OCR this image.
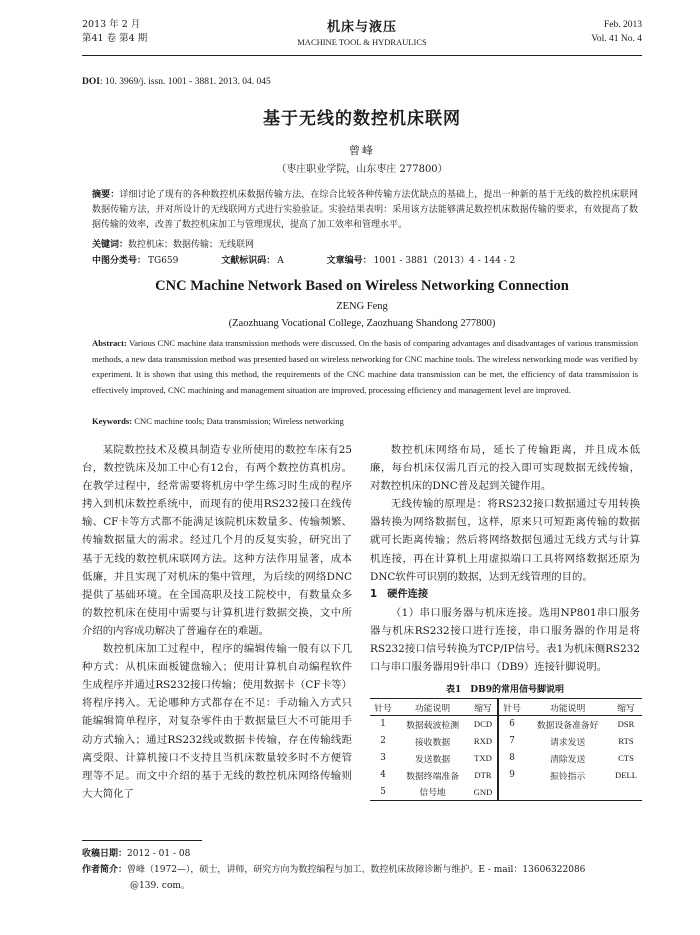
2013 年 2 月
第41 卷 第4 期
机床与液压
MACHINE TOOL & HYDRAULICS
Feb. 2013
Vol. 41 No. 4
DOI: 10. 3969/j. issn. 1001 - 3881. 2013. 04. 045
基于无线的数控机床联网
曾峰
（枣庄职业学院，山东枣庄 277800）
摘要：详细讨论了现有的各种数控机床数据传输方法，在综合比较各种传输方法优缺点的基础上，提出一种新的基于无线的数控机床联网数据传输方法，并对所设计的无线联网方式进行实验验证。实验结果表明：采用该方法能够满足数控机床数据传输的要求，有效提高了数据传输的效率，改善了数控机床加工与管理现状，提高了加工效率和管理水平。
关键词：数控机床；数据传输；无线联网
中图分类号： TG659	文献标识码： A	文章编号： 1001 - 3881（2013）4 - 144 - 2
CNC Machine Network Based on Wireless Networking Connection
ZENG Feng
(Zaozhuang Vocational College, Zaozhuang Shandong 277800)
Abstract: Various CNC machine data transmission methods were discussed. On the basis of comparing advantages and disadvantages of various transmission methods, a new data transmission method was presented based on wireless networking for CNC machine tools. The wireless networking mode was verified by experiment. It is shown that using this method, the requirements of the CNC machine data transmission can be met, the efficiency of data transmission is effectively improved, CNC machining and management situation are improved, processing efficiency and management level are improved.
Keywords: CNC machine tools; Data transmission; Wireless networking

某院数控技术及模具制造专业所使用的数控车床有25台，数控铣床及加工中心有12台，有两个数控仿真机房。在教学过程中，经常需要将机房中学生练习时生成的程序拷入到机床数控系统中，而现有的使用RS232接口在线传输、CF卡等方式都不能满足该院机床数量多、传输频繁、传输数据量大的需求。经过几个月的反复实验，研究出了基于无线的数控机床联网方法。这种方法作用显著，成本低廉，并且实现了对机床的集中管理，为后续的网络DNC提供了基础环境。在全国高职及技工院校中，有数量众多的数控机床在使用中需要与计算机进行数据交换，文中所介绍的内容成功解决了普遍存在的难题。

数控机床加工过程中，程序的编辑传输一般有以下几种方式：从机床面板键盘输入；使用计算机自动编程软件生成程序并通过RS232接口传输；使用数据卡（CF卡等）将程序拷入。无论哪种方式都存在不足：手动输入方式只能编辑简单程序，对复杂零件由于数据量巨大不可能用手动方式输入；通过RS232线或数据卡传输，存在传输线距离受限、计算机接口不支持且当机床数量较多时不方便管理等不足。而文中介绍的基于无线的数控机床网络传输则大大简化了

数控机床网络布局，延长了传输距离，并且成本低廉，每台机床仅需几百元的投入即可实现数据无线传输，对数控机床的DNC普及起到关键作用。

无线传输的原理是：将RS232接口数据通过专用转换器转换为网络数据包，这样，原来只可短距离传输的数据就可长距离传输；然后将网络数据包通过无线方式与计算机连接，再在计算机上用虚拟端口工具将网络数据还原为DNC软件可识别的数据，达到无线管理的目的。

1　硬件连接

（1）串口服务器与机床连接。选用NP801串口服务器与机床RS232接口进行连接，串口服务器的作用是将RS232接口信号转换为TCP/IP信号。表1为机床侧RS232口与串口服务器用9针串口（DB9）连接针脚说明。

表1　DB9的常用信号脚说明
针号	功能说明	缩写	针号	功能说明	缩写
1	数据载波检测	DCD	6	数据设备准备好	DSR
2	接收数据	RXD	7	请求发送	RTS
3	发送数据	TXD	8	清除发送	CTS
4	数据终端准备	DTR	9	振铃指示	DELL
5	信号地	GND			
收稿日期：2012 - 01 - 08
作者简介：曾峰（1972—），硕士，讲师，研究方向为数控编程与加工、数控机床故障诊断与维护。E - mail：13606322086
@139. com。
